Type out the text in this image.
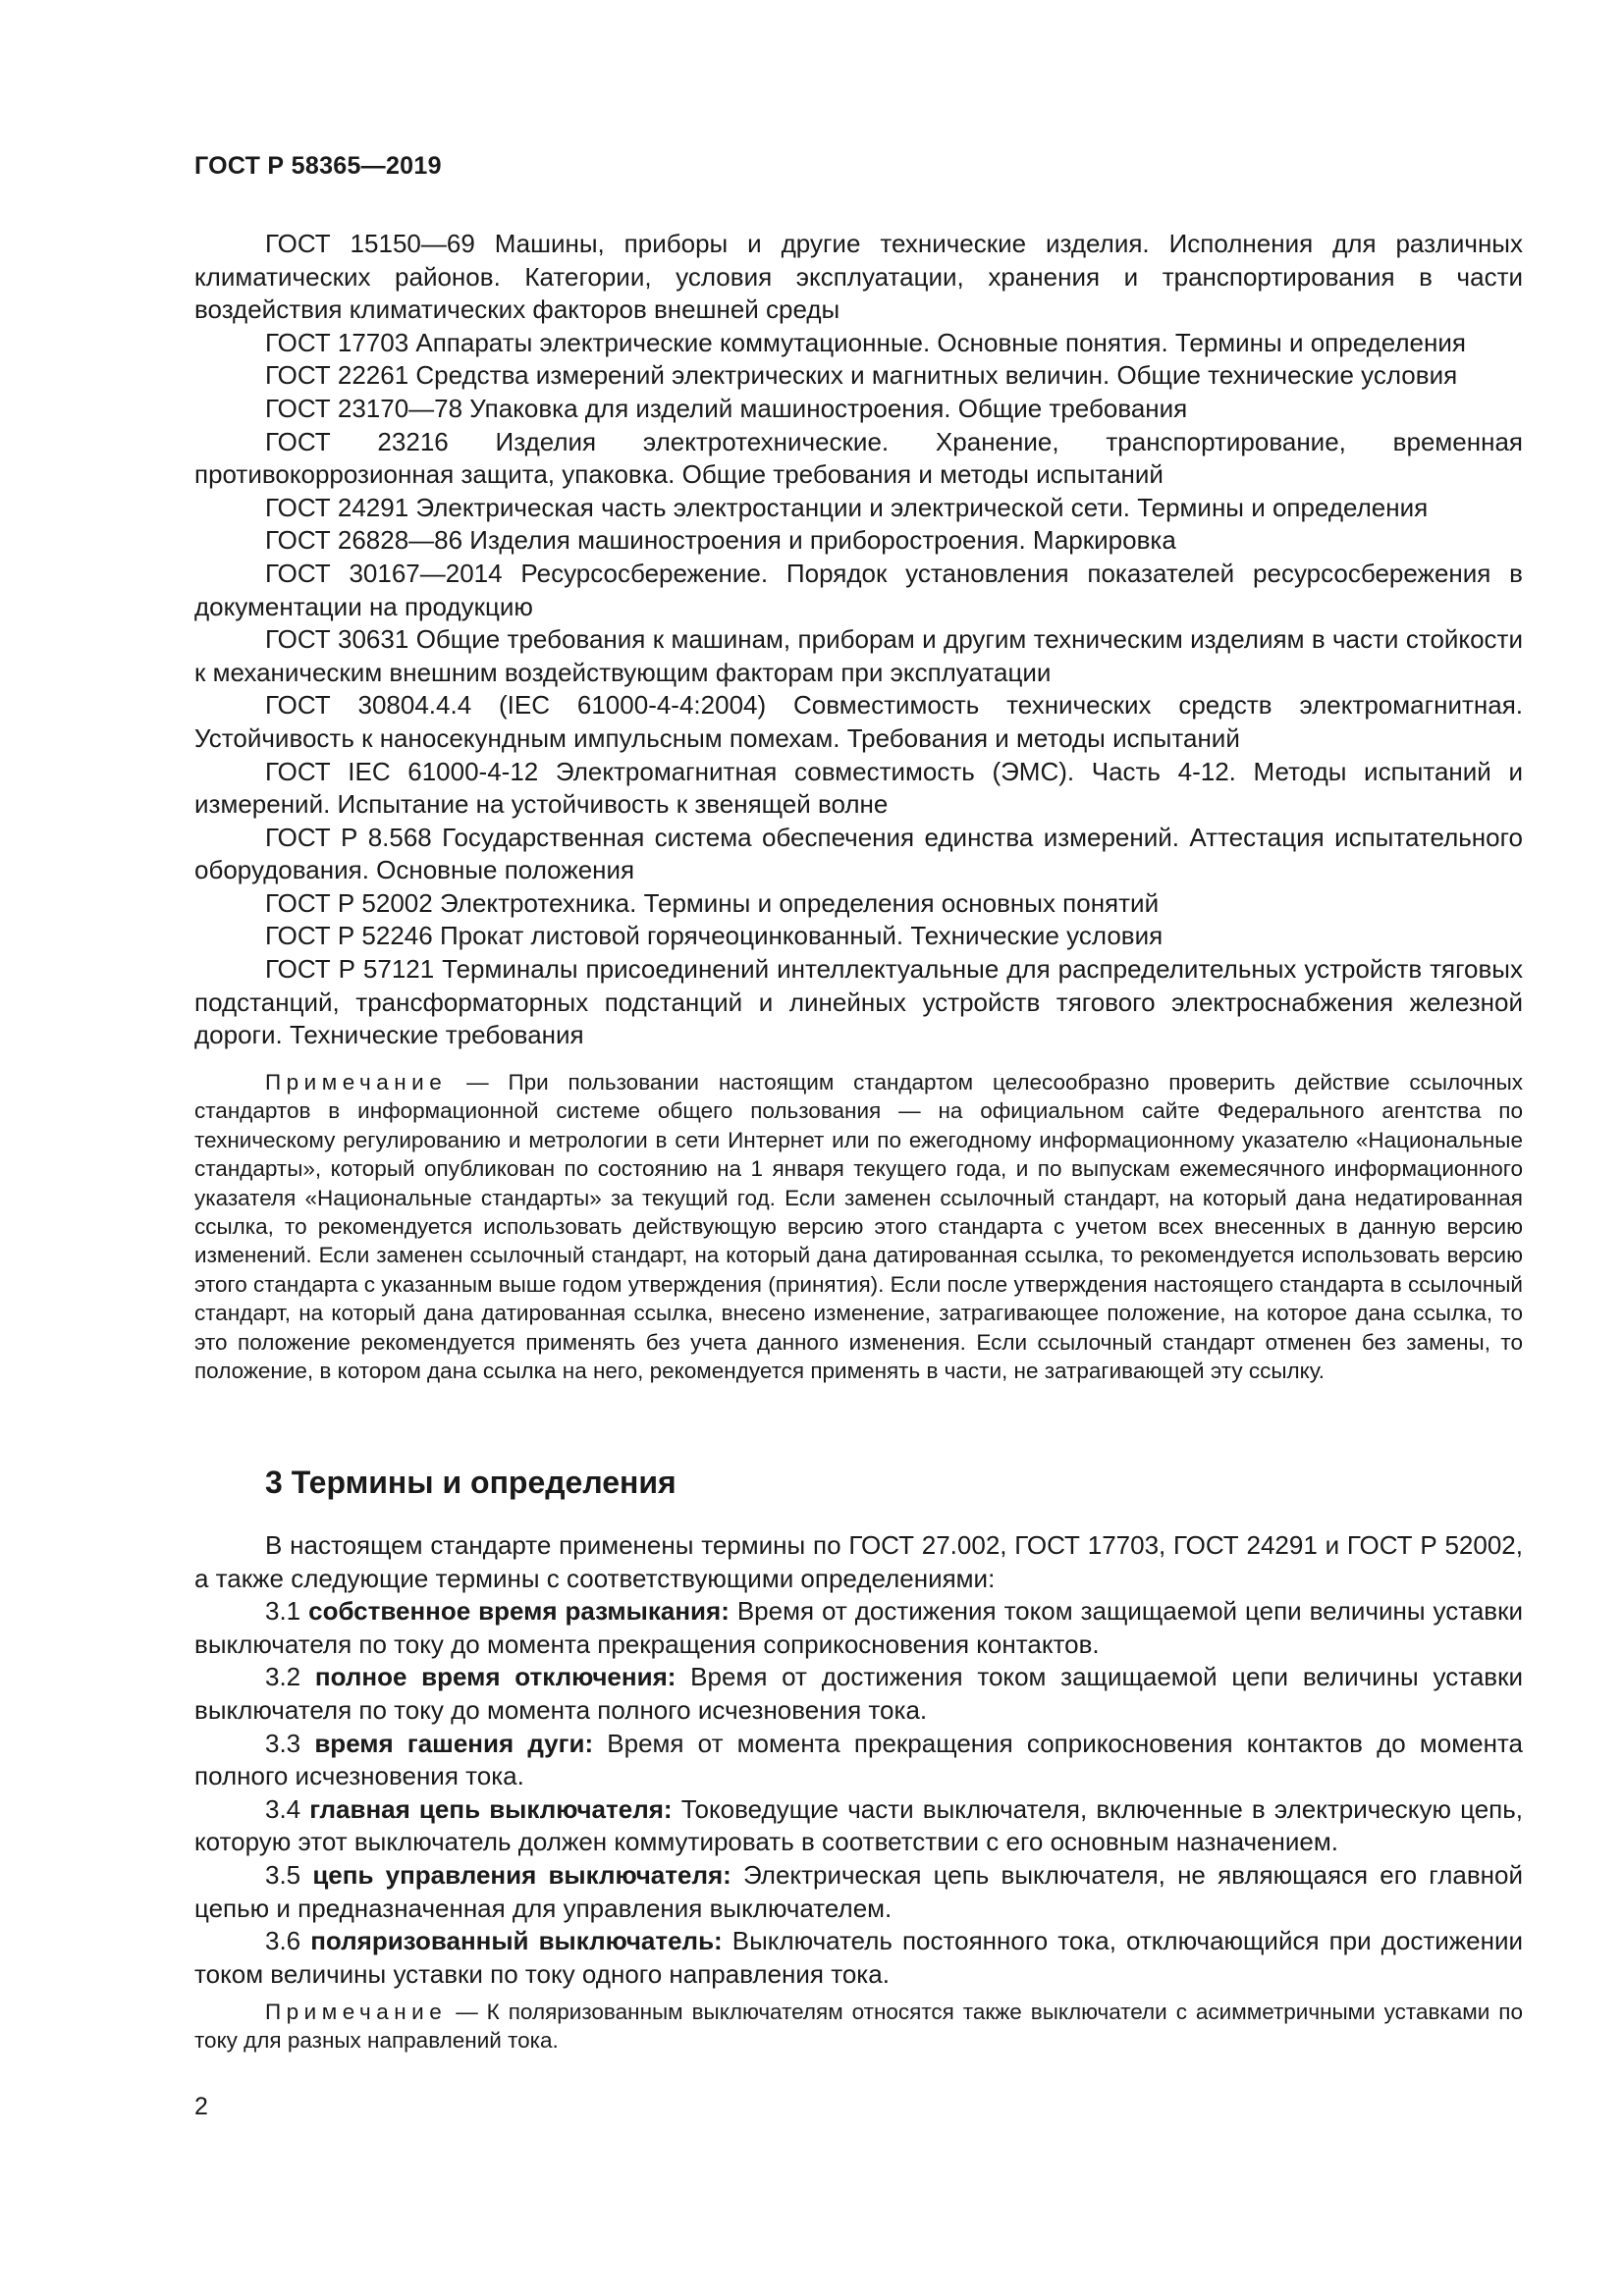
ГОСТ Р 58365—2019

ГОСТ 15150—69 Машины, приборы и другие технические изделия. Исполнения для различных климатических районов. Категории, условия эксплуатации, хранения и транспортирования в части воздействия климатических факторов внешней среды

ГОСТ 17703 Аппараты электрические коммутационные. Основные понятия. Термины и определения

ГОСТ 22261 Средства измерений электрических и магнитных величин. Общие технические условия

ГОСТ 23170—78 Упаковка для изделий машиностроения. Общие требования

ГОСТ 23216 Изделия электротехнические. Хранение, транспортирование, временная противокоррозионная защита, упаковка. Общие требования и методы испытаний

ГОСТ 24291 Электрическая часть электростанции и электрической сети. Термины и определения

ГОСТ 26828—86 Изделия машиностроения и приборостроения. Маркировка

ГОСТ 30167—2014 Ресурсосбережение. Порядок установления показателей ресурсосбережения в документации на продукцию

ГОСТ 30631 Общие требования к машинам, приборам и другим техническим изделиям в части стойкости к механическим внешним воздействующим факторам при эксплуатации

ГОСТ 30804.4.4 (IEC 61000-4-4:2004) Совместимость технических средств электромагнитная. Устойчивость к наносекундным импульсным помехам. Требования и методы испытаний

ГОСТ IEC 61000-4-12 Электромагнитная совместимость (ЭМС). Часть 4-12. Методы испытаний и измерений. Испытание на устойчивость к звенящей волне

ГОСТ Р 8.568 Государственная система обеспечения единства измерений. Аттестация испытательного оборудования. Основные положения

ГОСТ Р 52002 Электротехника. Термины и определения основных понятий

ГОСТ Р 52246 Прокат листовой горячеоцинкованный. Технические условия

ГОСТ Р 57121 Терминалы присоединений интеллектуальные для распределительных устройств тяговых подстанций, трансформаторных подстанций и линейных устройств тягового электроснабжения железной дороги. Технические требования

Примечание — При пользовании настоящим стандартом целесообразно проверить действие ссылочных стандартов в информационной системе общего пользования — на официальном сайте Федерального агентства по техническому регулированию и метрологии в сети Интернет или по ежегодному информационному указателю «Национальные стандарты», который опубликован по состоянию на 1 января текущего года, и по выпускам ежемесячного информационного указателя «Национальные стандарты» за текущий год. Если заменен ссылочный стандарт, на который дана недатированная ссылка, то рекомендуется использовать действующую версию этого стандарта с учетом всех внесенных в данную версию изменений. Если заменен ссылочный стандарт, на который дана датированная ссылка, то рекомендуется использовать версию этого стандарта с указанным выше годом утверждения (принятия). Если после утверждения настоящего стандарта в ссылочный стандарт, на который дана датированная ссылка, внесено изменение, затрагивающее положение, на которое дана ссылка, то это положение рекомендуется применять без учета данного изменения. Если ссылочный стандарт отменен без замены, то положение, в котором дана ссылка на него, рекомендуется применять в части, не затрагивающей эту ссылку.

3 Термины и определения

В настоящем стандарте применены термины по ГОСТ 27.002, ГОСТ 17703, ГОСТ 24291 и ГОСТ Р 52002, а также следующие термины с соответствующими определениями:

3.1 собственное время размыкания: Время от достижения током защищаемой цепи величины уставки выключателя по току до момента прекращения соприкосновения контактов.

3.2 полное время отключения: Время от достижения током защищаемой цепи величины уставки выключателя по току до момента полного исчезновения тока.

3.3 время гашения дуги: Время от момента прекращения соприкосновения контактов до момента полного исчезновения тока.

3.4 главная цепь выключателя: Токоведущие части выключателя, включенные в электрическую цепь, которую этот выключатель должен коммутировать в соответствии с его основным назначением.

3.5 цепь управления выключателя: Электрическая цепь выключателя, не являющаяся его главной цепью и предназначенная для управления выключателем.

3.6 поляризованный выключатель: Выключатель постоянного тока, отключающийся при достижении током величины уставки по току одного направления тока.

Примечание — К поляризованным выключателям относятся также выключатели с асимметричными уставками по току для разных направлений тока.

2
